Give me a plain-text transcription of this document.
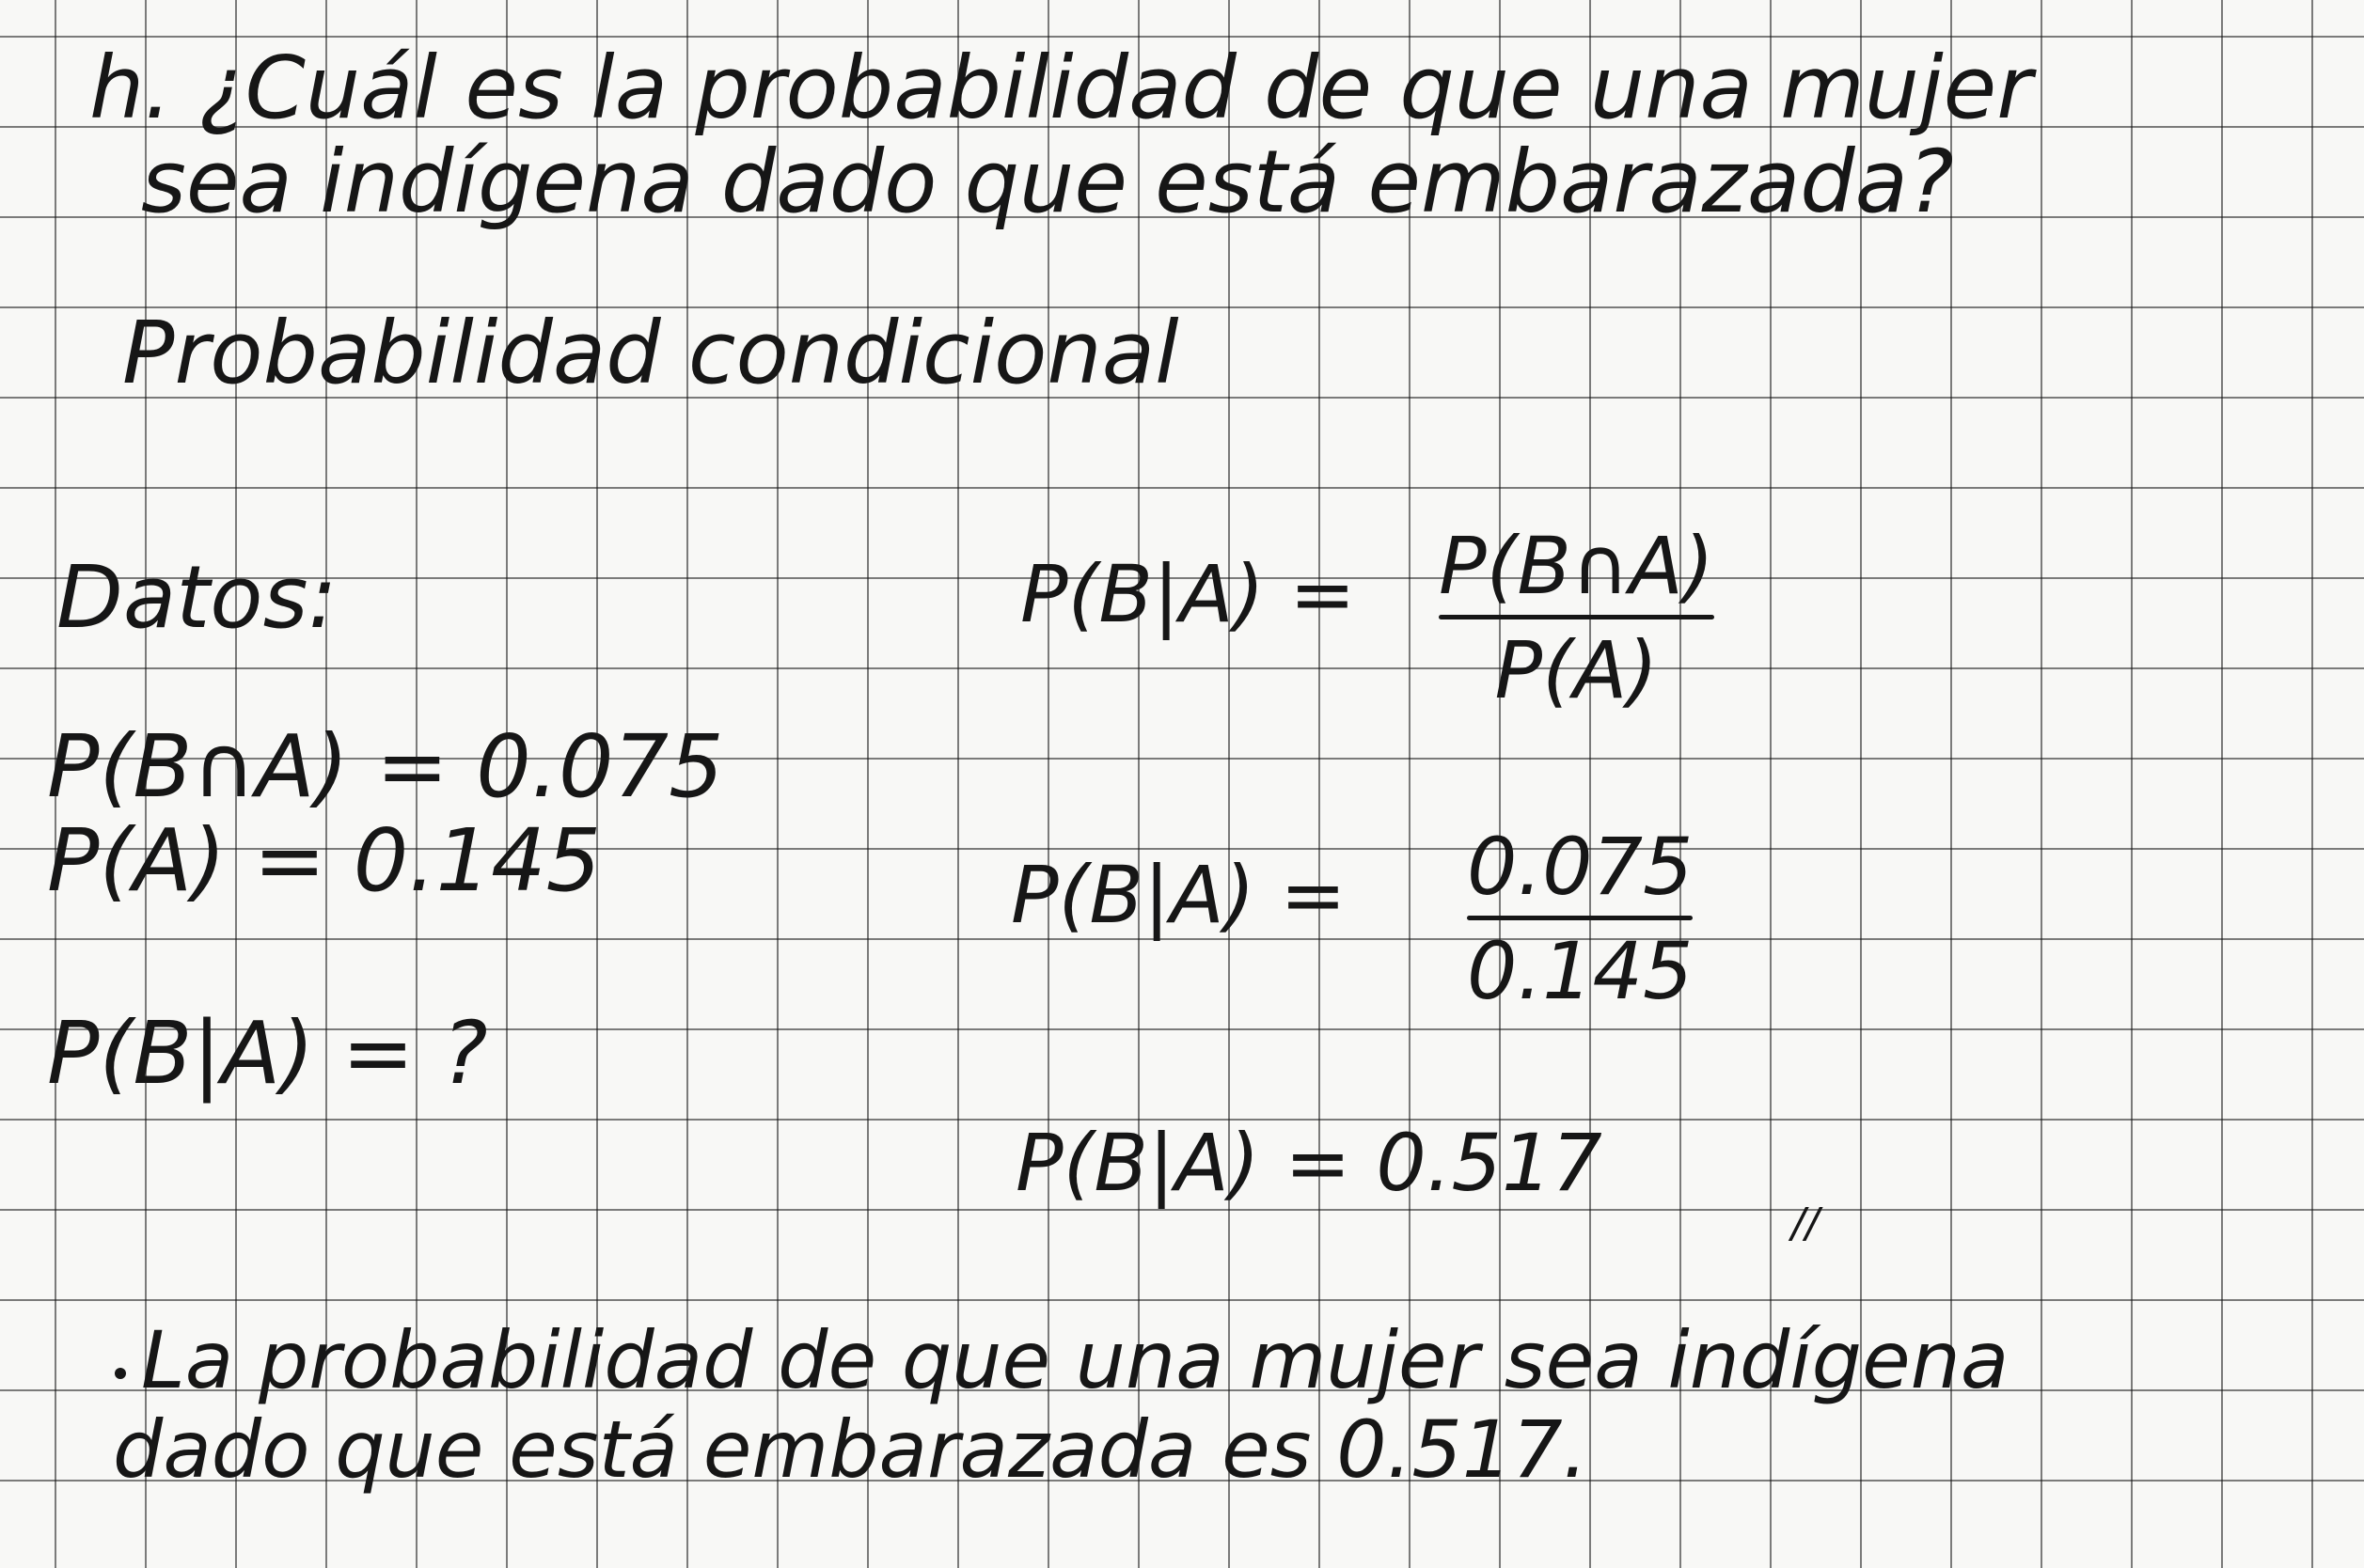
h. ¿Cuál es la probabilidad de que una mujer

sea indígena dado que está embarazada?

Probabilidad condicional

Datos:

P(B∩A) = 0.075

P(A) = 0.145

P(B|A) = ?

P(B|A) = P(B∩A)
P(A)

P(B|A) = 0.075
0.145

P(B|A) = 0.517

//

La probabilidad de que una mujer sea indígena

dado que está embarazada es 0.517.
